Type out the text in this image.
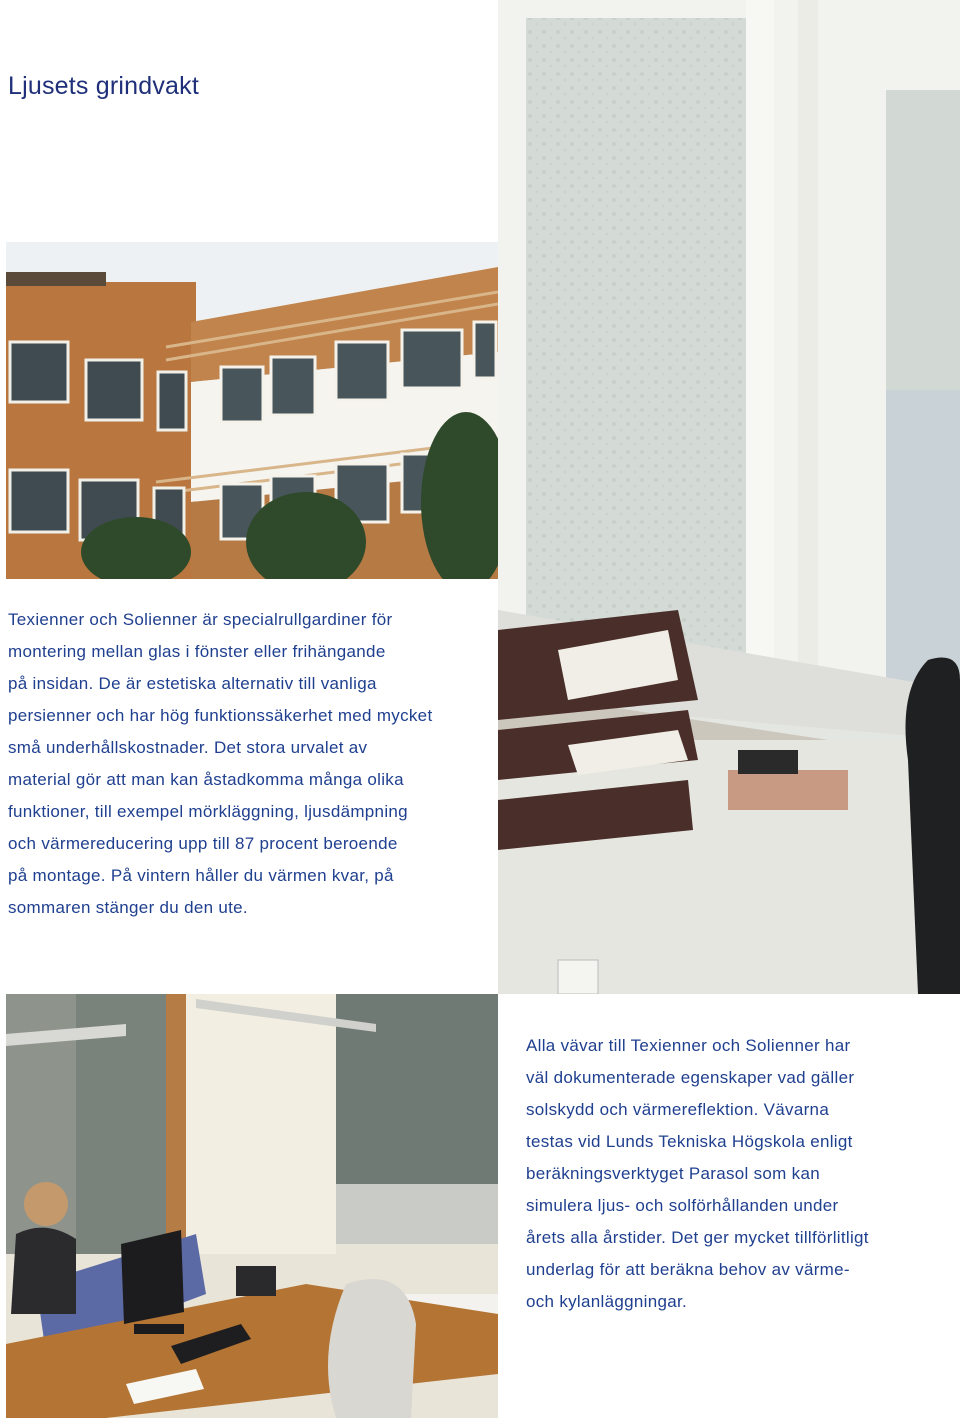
Ljusets grindvakt

Texienner och Solienner är specialrullgardiner för

montering mellan glas i fönster eller frihängande

på insidan. De är estetiska alternativ till vanliga

persienner och har hög funktionssäkerhet med mycket

små underhållskostnader. Det stora urvalet av

material gör att man kan åstadkomma många olika

funktioner, till exempel mörkläggning, ljusdämpning

och värmereducering upp till 87 procent beroende

på montage. På vintern håller du värmen kvar, på

sommaren stänger du den ute.

Alla vävar till Texienner och Solienner har

väl dokumenterade egenskaper vad gäller

solskydd och värmereflektion. Vävarna

testas vid Lunds Tekniska Högskola enligt

beräkningsverktyget Parasol som kan

simulera ljus- och solförhållanden under

årets alla årstider. Det ger mycket tillförlitligt

underlag för att beräkna behov av värme-

och kylanläggningar.
